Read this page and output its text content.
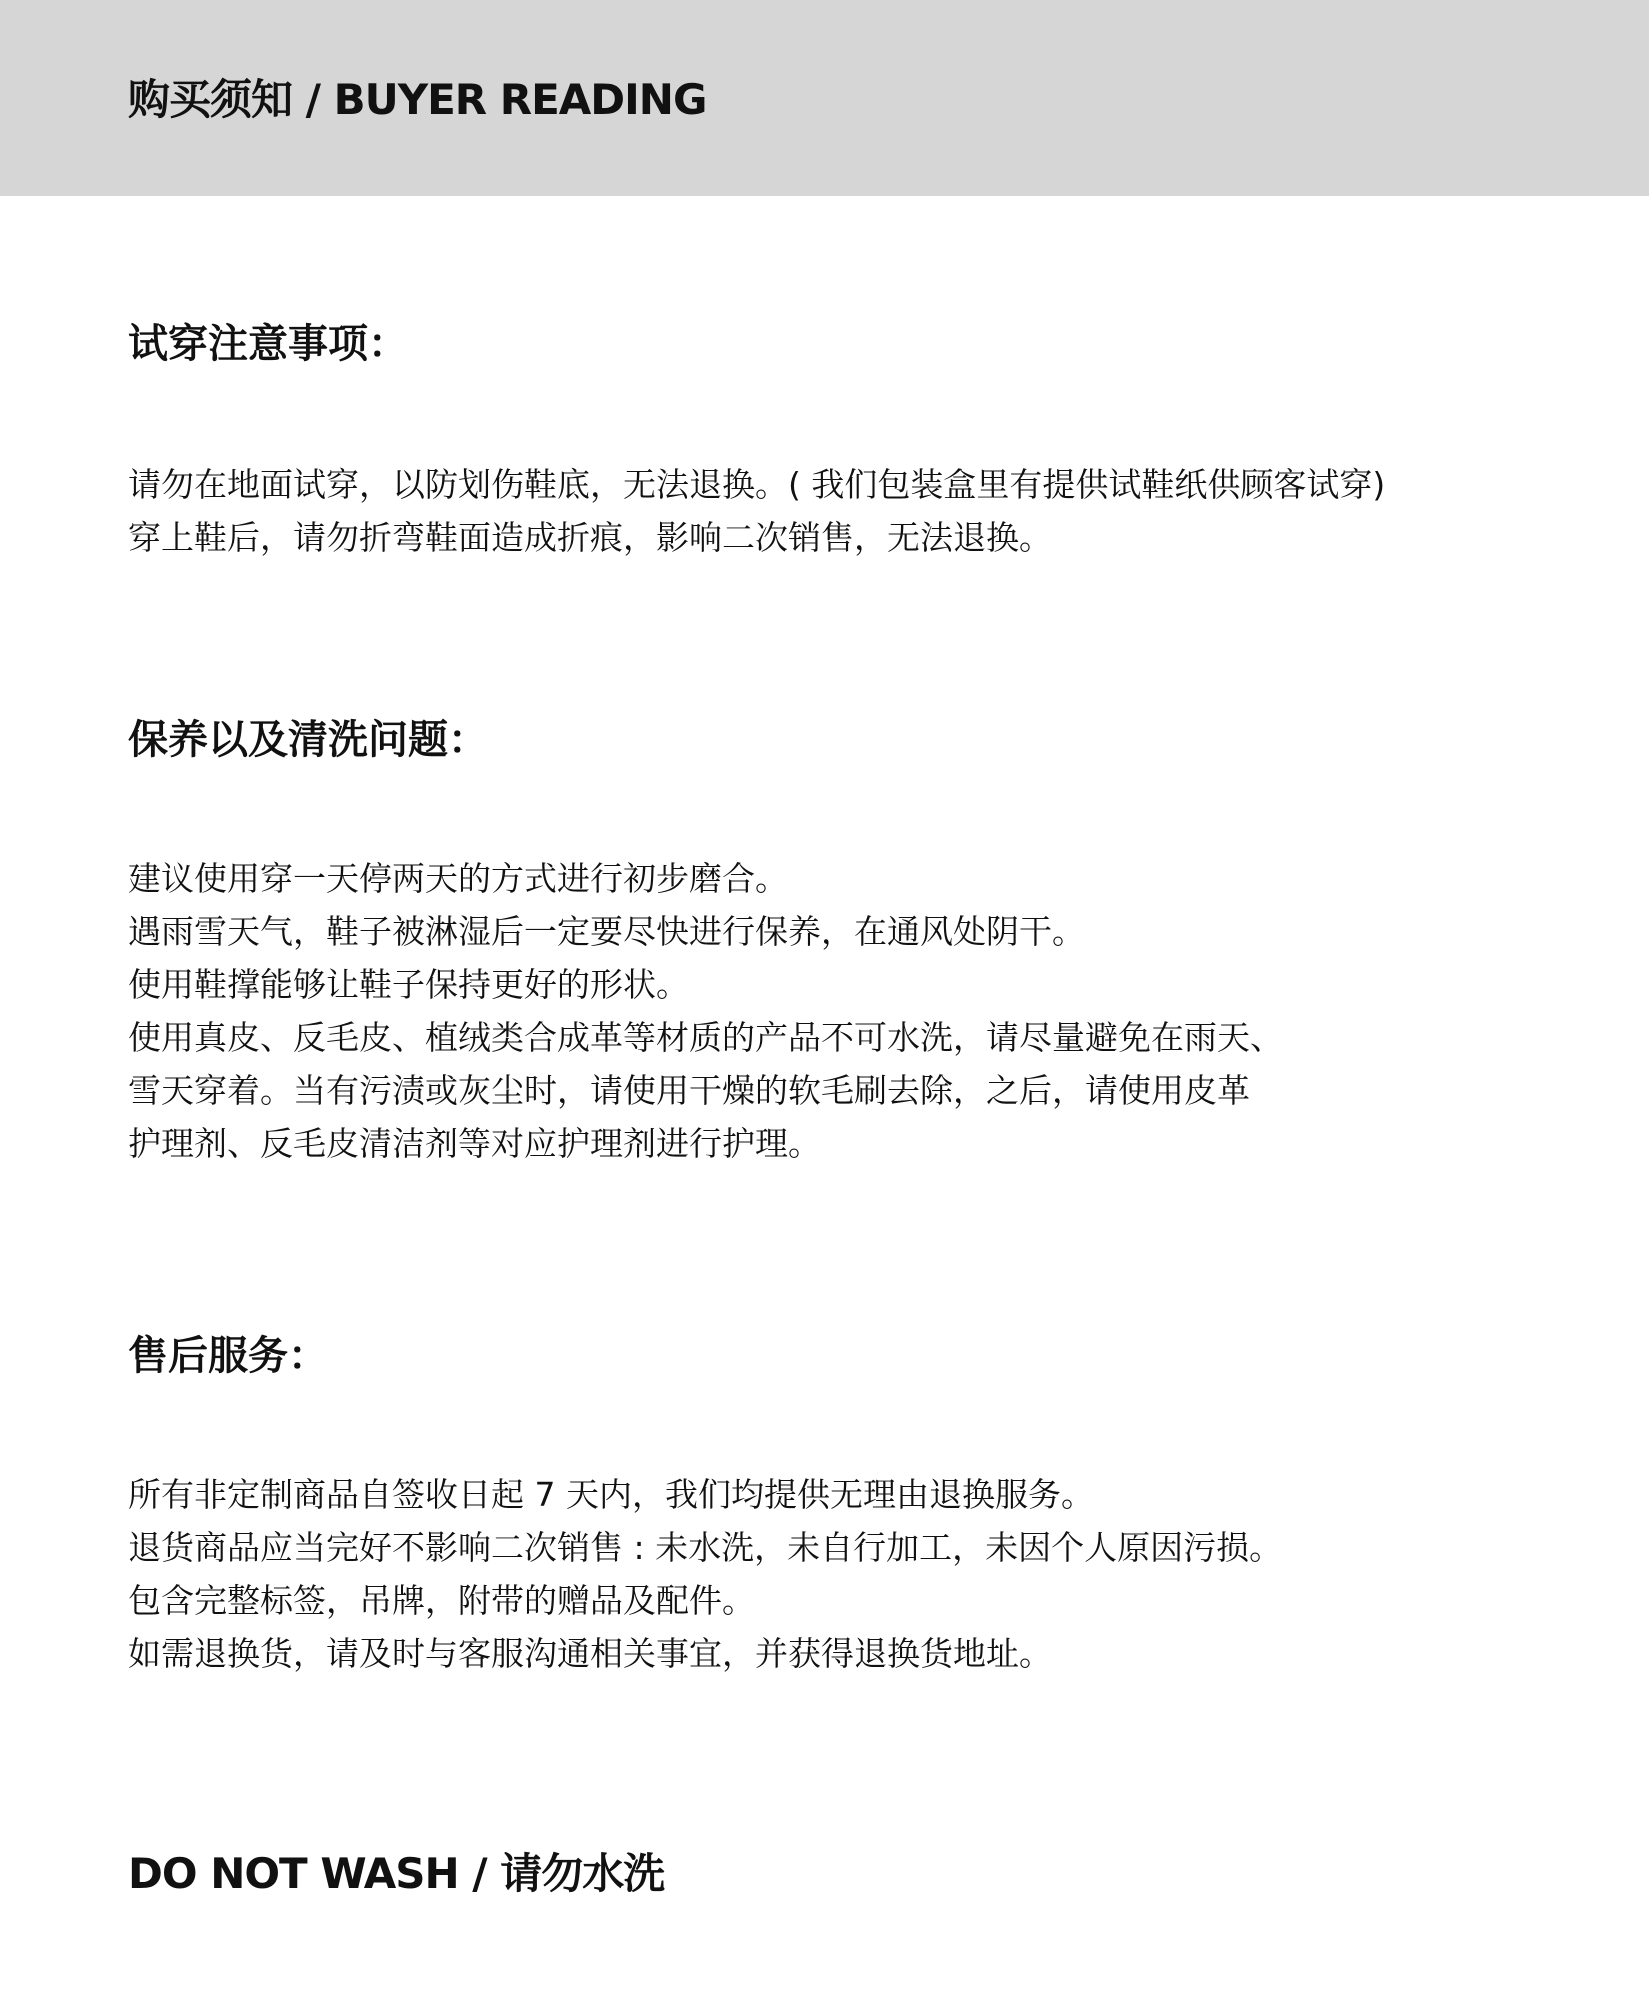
购买须知 / BUYER READING
试穿注意事项：
请勿在地面试穿，以防划伤鞋底，无法退换。( 我们包装盒里有提供试鞋纸供顾客试穿)
穿上鞋后，请勿折弯鞋面造成折痕，影响二次销售，无法退换。
保养以及清洗问题：
建议使用穿一天停两天的方式进行初步磨合。
遇雨雪天气，鞋子被淋湿后一定要尽快进行保养，在通风处阴干。
使用鞋撑能够让鞋子保持更好的形状。
使用真皮、反毛皮、植绒类合成革等材质的产品不可水洗，请尽量避免在雨天、
雪天穿着。当有污渍或灰尘时，请使用干燥的软毛刷去除，之后，请使用皮革
护理剂、反毛皮清洁剂等对应护理剂进行护理。
售后服务：
所有非定制商品自签收日起 7 天内，我们均提供无理由退换服务。
退货商品应当完好不影响二次销售 : 未水洗，未自行加工，未因个人原因污损。
包含完整标签，吊牌，附带的赠品及配件。
如需退换货，请及时与客服沟通相关事宜，并获得退换货地址。
DO NOT WASH / 请勿水洗
